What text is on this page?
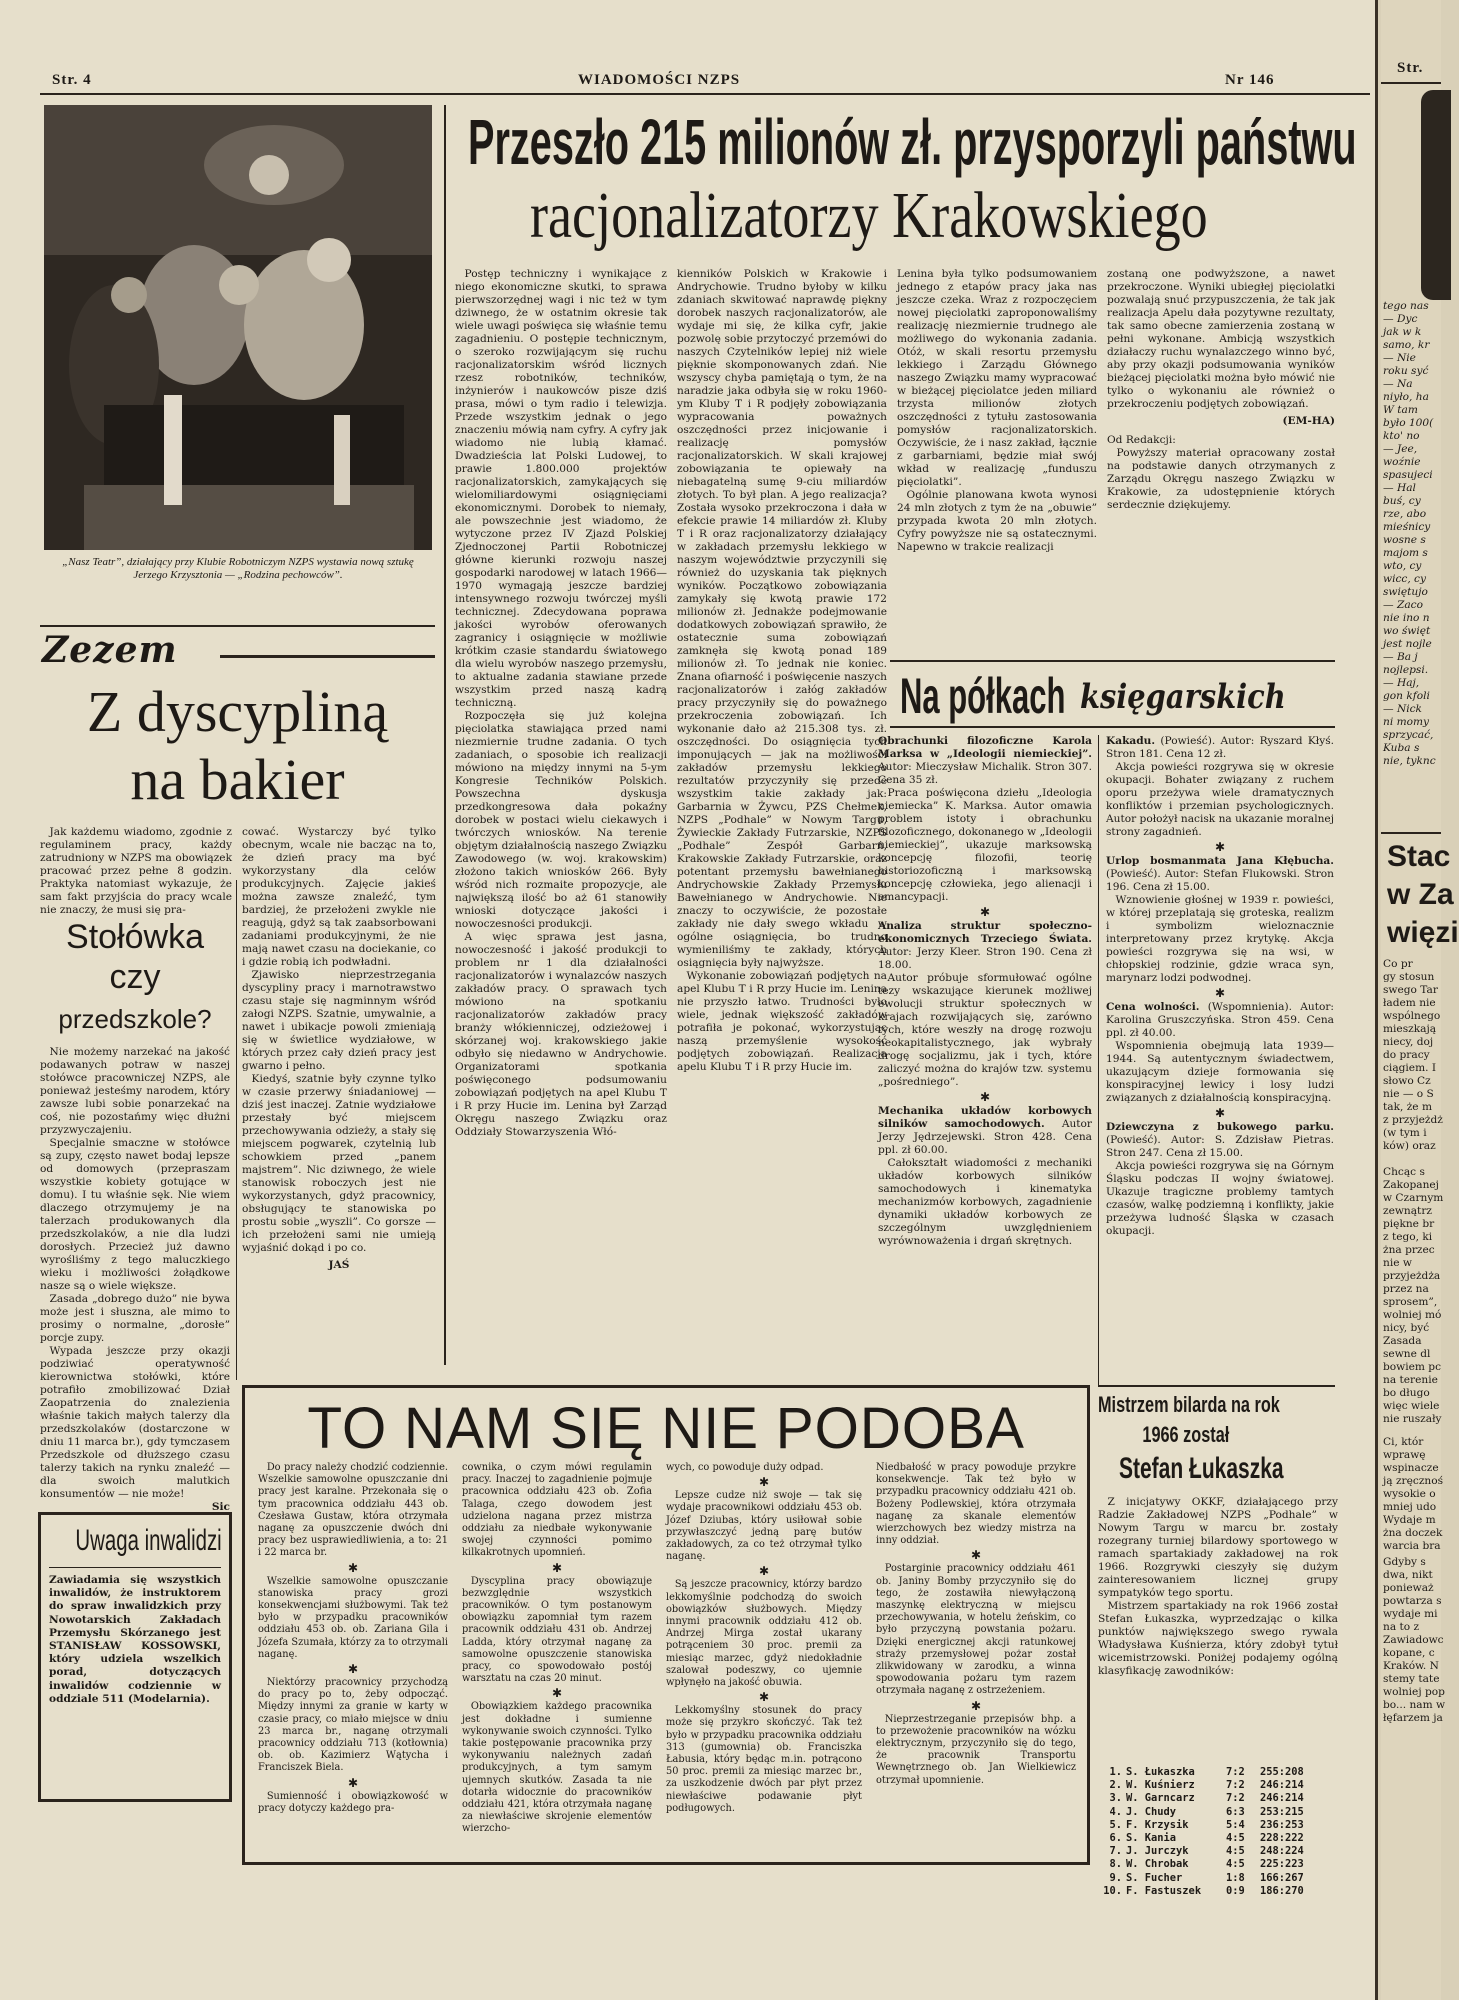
Str. 4	WIADOMOŚCI NZPS	Nr 146
„Nasz Teatr”, działający przy Klubie Robotniczym NZPS wystawia nową sztukę Jerzego Krzysztonia — „Rodzina pechowców”.
Przeszło 215 milionów zł. przysporzyli państwu
racjonalizatorzy Krakowskiego

Postęp techniczny i wynikające z niego ekonomiczne skutki, to sprawa pierwszorzędnej wagi i nic też w tym dziwnego, że w ostatnim okresie tak wiele uwagi poświęca się właśnie temu zagadnieniu. O postępie technicznym, o szeroko rozwijającym się ruchu racjonalizatorskim wśród licznych rzesz robotników, techników, inżynierów i naukowców pisze dziś prasa, mówi o tym radio i telewizja. Przede wszystkim jednak o jego znaczeniu mówią nam cyfry. A cyfry jak wiadomo nie lubią kłamać. Dwadzieścia lat Polski Ludowej, to prawie 1.800.000 projektów racjonalizatorskich, zamykających się wielomiliardowymi osiągnięciami ekonomicznymi. Dorobek to niemały, ale powszechnie jest wiadomo, że wytyczone przez IV Zjazd Polskiej Zjednoczonej Partii Robotniczej główne kierunki rozwoju naszej gospodarki narodowej w latach 1966—1970 wymagają jeszcze bardziej intensywnego rozwoju twórczej myśli technicznej. Zdecydowana poprawa jakości wyrobów oferowanych zagranicy i osiągnięcie w możliwie krótkim czasie standardu światowego dla wielu wyrobów naszego przemysłu, to aktualne zadania stawiane przede wszystkim przed naszą kadrą techniczną.

Rozpoczęła się już kolejna pięciolatka stawiająca przed nami niezmiernie trudne zadania. O tych zadaniach, o sposobie ich realizacji mówiono na między innymi na 5-ym Kongresie Techników Polskich. Powszechna dyskusja przedkongresowa dała pokaźny dorobek w postaci wielu ciekawych i twórczych wniosków. Na terenie objętym działalnością naszego Związku Zawodowego (w. woj. krakowskim) złożono takich wniosków 266. Były wśród nich rozmaite propozycje, ale największą ilość bo aż 61 stanowiły wnioski dotyczące jakości i nowoczesności produkcji.

A więc sprawa jest jasna, nowoczesność i jakość produkcji to problem nr 1 dla działalności racjonalizatorów i wynalazców naszych zakładów pracy. O sprawach tych mówiono na spotkaniu racjonalizatorów zakładów pracy branży włókienniczej, odzieżowej i skórzanej woj. krakowskiego jakie odbyło się niedawno w Andrychowie. Organizatorami spotkania poświęconego podsumowaniu zobowiązań podjętych na apel Klubu T i R przy Hucie im. Lenina był Zarząd Okręgu naszego Związku oraz Oddziały Stowarzyszenia Włó-

kienników Polskich w Krakowie i Andrychowie. Trudno byłoby w kilku zdaniach skwitować naprawdę piękny dorobek naszych racjonalizatorów, ale wydaje mi się, że kilka cyfr, jakie pozwolę sobie przytoczyć przemówi do naszych Czytelników lepiej niż wiele pięknie skomponowanych zdań. Nie wszyscy chyba pamiętają o tym, że na naradzie jaka odbyła się w roku 1960-ym Kluby T i R podjęły zobowiązania wypracowania poważnych oszczędności przez inicjowanie i realizację pomysłów racjonalizatorskich. W skali krajowej zobowiązania te opiewały na niebagatelną sumę 9-ciu miliardów złotych. To był plan. A jego realizacja? Została wysoko przekroczona i dała w efekcie prawie 14 miliardów zł. Kluby T i R oraz racjonalizatorzy działający w zakładach przemysłu lekkiego w naszym województwie przyczynili się również do uzyskania tak pięknych wyników. Początkowo zobowiązania zamykały się kwotą prawie 172 milionów zł. Jednakże podejmowanie dodatkowych zobowiązań sprawiło, że ostatecznie suma zobowiązań zamknęła się kwotą ponad 189 milionów zł. To jednak nie koniec. Znana ofiarność i poświęcenie naszych racjonalizatorów i załóg zakładów pracy przyczyniły się do poważnego przekroczenia zobowiązań. Ich wykonanie dało aż 215.308 tys. zł. oszczędności. Do osiągnięcia tych imponujących — jak na możliwości zakładów przemysłu lekkiego rezultatów przyczyniły się przede wszystkim takie zakłady jak: Garbarnia w Żywcu, PZS Chełmek, NZPS „Podhale” w Nowym Targu, Żywieckie Zakłady Futrzarskie, NZPS „Podhale” Zespół Garbarń, Krakowskie Zakłady Futrzarskie, oraz potentant przemysłu bawełnianego Andrychowskie Zakłady Przemysłu Bawełnianego w Andrychowie. Nie znaczy to oczywiście, że pozostałe zakłady nie dały swego wkładu w ogólne osiągnięcia, bo trudno wymieniliśmy te zakłady, których osiągnięcia były najwyższe.

Wykonanie zobowiązań podjętych na apel Klubu T i R przy Hucie im. Lenina nie przyszło łatwo. Trudności było wiele, jednak większość zakładów potrafiła je pokonać, wykorzystując naszą przemyślenie wysokość podjętych zobowiązań. Realizacja apelu Klubu T i R przy Hucie im.

Lenina była tylko podsumowaniem jednego z etapów pracy jaka nas jeszcze czeka. Wraz z rozpoczęciem nowej pięciolatki zaproponowaliśmy realizację niezmiernie trudnego ale możliwego do wykonania zadania. Otóż, w skali resortu przemysłu lekkiego i Zarządu Głównego naszego Związku mamy wypracować w bieżącej pięciolatce jeden miliard trzysta milionów złotych oszczędności z tytułu zastosowania pomysłów racjonalizatorskich. Oczywiście, że i nasz zakład, łącznie z garbarniami, będzie miał swój wkład w realizację „funduszu pięciolatki”.

Ogólnie planowana kwota wynosi 24 mln złotych z tym że na „obuwie” przypada kwota 20 mln złotych. Cyfry powyższe nie są ostatecznymi. Napewno w trakcie realizacji

zostaną one podwyższone, a nawet przekroczone. Wyniki ubiegłej pięciolatki pozwalają snuć przypuszczenia, że tak jak realizacja Apelu dała pozytywne rezultaty, tak samo obecne zamierzenia zostaną w pełni wykonane. Ambicją wszystkich działaczy ruchu wynalazczego winno być, aby przy okazji podsumowania wyników bieżącej pięciolatki można było mówić nie tylko o wykonaniu ale również o przekroczeniu podjętych zobowiązań.

(EM-HA)

Od Redakcji:

Powyższy materiał opracowany został na podstawie danych otrzymanych z Zarządu Okręgu naszego Związku w Krakowie, za udostępnienie których serdecznie dziękujemy.

Na półkach księgarskich

Obrachunki filozoficzne Karola Marksa w „Ideologii niemieckiej”. Autor: Mieczysław Michalik. Stron 307. Cena 35 zł.

Praca poświęcona dziełu „Ideologia niemiecka” K. Marksa. Autor omawia problem istoty i obrachunku filozoficznego, dokonanego w „Ideologii niemieckiej”, ukazuje marksowską koncepcję filozofii, teorię historiozoficzną i marksowską koncepcję człowieka, jego alienacji i emancypacji.

✱

Analiza struktur społeczno-ekonomicznych Trzeciego Świata. Autor: Jerzy Kleer. Stron 190. Cena zł 18.00.

Autor próbuje sformułować ogólne tezy wskazujące kierunek możliwej ewolucji struktur społecznych w krajach rozwijających się, zarówno tych, które weszły na drogę rozwoju neokapitalistycznego, jak wybrały drogę socjalizmu, jak i tych, które zaliczyć można do krajów tzw. systemu „pośredniego”.

✱

Mechanika układów korbowych silników samochodowych. Autor Jerzy Jędrzejewski. Stron 428. Cena ppl. zł 60.00.

Całokształt wiadomości z mechaniki układów korbowych silników samochodowych i kinematyka mechanizmów korbowych, zagadnienie dynamiki układów korbowych ze szczególnym uwzględnieniem wyrównoważenia i drgań skrętnych.

Kakadu. (Powieść). Autor: Ryszard Kłyś. Stron 181. Cena 12 zł.

Akcja powieści rozgrywa się w okresie okupacji. Bohater związany z ruchem oporu przeżywa wiele dramatycznych konfliktów i przemian psychologicznych. Autor położył nacisk na ukazanie moralnej strony zagadnień.

✱

Urlop bosmanmata Jana Kłębucha. (Powieść). Autor: Stefan Flukowski. Stron 196. Cena zł 15.00.

Wznowienie głośnej w 1939 r. powieści, w której przeplatają się groteska, realizm i symbolizm wieloznacznie interpretowany przez krytykę. Akcja powieści rozgrywa się na wsi, w chłopskiej rodzinie, gdzie wraca syn, marynarz lodzi podwodnej.

✱

Cena wolności. (Wspomnienia). Autor: Karolina Gruszczyńska. Stron 459. Cena ppl. zł 40.00.

Wspomnienia obejmują lata 1939—1944. Są autentycznym świadectwem, ukazującym dzieje formowania się konspiracyjnej lewicy i losy ludzi związanych z działalnością konspiracyjną.

✱

Dziewczyna z bukowego parku. (Powieść). Autor: S. Zdzisław Pietras. Stron 247. Cena zł 15.00.

Akcja powieści rozgrywa się na Górnym Śląsku podczas II wojny światowej. Ukazuje tragiczne problemy tamtych czasów, walkę podziemną i konflikty, jakie przeżywa ludność Śląska w czasach okupacji.

Zezem
Z dyscypliną
na bakier

Jak każdemu wiadomo, zgodnie z regulaminem pracy, każdy zatrudniony w NZPS ma obowiązek pracować przez pełne 8 godzin. Praktyka natomiast wykazuje, że sam fakt przyjścia do pracy wcale nie znaczy, że musi się pra-

cować. Wystarczy być tylko obecnym, wcale nie bacząc na to, że dzień pracy ma być wykorzystany dla celów produkcyjnych. Zajęcie jakieś można zawsze znaleźć, tym bardziej, że przełożeni zwykle nie reagują, gdyż są tak zaabsorbowani zadaniami produkcyjnymi, że nie mają nawet czasu na dociekanie, co i gdzie robią ich podwładni.

Zjawisko nieprzestrzegania dyscypliny pracy i marnotrawstwo czasu staje się nagminnym wśród załogi NZPS. Szatnie, umywalnie, a nawet i ubikacje powoli zmieniają się w świetlice wydziałowe, w których przez cały dzień pracy jest gwarno i pełno.

Kiedyś, szatnie były czynne tylko w czasie przerwy śniadaniowej — dziś jest inaczej. Zatnie wydziałowe przestały być miejscem przechowywania odzieży, a stały się miejscem pogwarek, czytelnią lub schowkiem przed „panem majstrem”. Nic dziwnego, że wiele stanowisk roboczych jest nie wykorzystanych, gdyż pracownicy, obsługujący te stanowiska po prostu sobie „wyszli”. Co gorsze — ich przełożeni sami nie umieją wyjaśnić dokąd i po co.

JAŚ

Stołówka
czy
przedszkole?

Nie możemy narzekać na jakość podawanych potraw w naszej stołówce pracowniczej NZPS, ale ponieważ jesteśmy narodem, który zawsze lubi sobie ponarzekać na coś, nie pozostańmy więc dłużni przyzwyczajeniu.

Specjalnie smaczne w stołówce są zupy, często nawet bodaj lepsze od domowych (przepraszam wszystkie kobiety gotujące w domu). I tu właśnie sęk. Nie wiem dlaczego otrzymujemy je na talerzach produkowanych dla przedszkolaków, a nie dla ludzi dorosłych. Przecież już dawno wyrośliśmy z tego maluczkiego wieku i możliwości żołądkowe nasze są o wiele większe.

Zasada „dobrego dużo” nie bywa może jest i słuszna, ale mimo to prosimy o normalne, „dorosłe” porcje zupy.

Wypada jeszcze przy okazji podziwiać operatywność kierownictwa stołówki, które potrafiło zmobilizować Dział Zaopatrzenia do znalezienia właśnie takich małych talerzy dla przedszkolaków (dostarczone w dniu 11 marca br.), gdy tymczasem Przedszkole od dłuższego czasu talerzy takich na rynku znaleźć — dla swoich malutkich konsumentów — nie może!

Sic

Uwaga inwalidzi
Zawiadamia się wszystkich inwalidów, że instruktorem do spraw inwalidzkich przy Nowotarskich Zakładach Przemysłu Skórzanego jest STANISŁAW KOSSOWSKI, który udziela wszelkich porad, dotyczących inwalidów codziennie w oddziale 511 (Modelarnia).
TO NAM SIĘ NIE PODOBA

Do pracy należy chodzić codziennie. Wszelkie samowolne opuszczanie dni pracy jest karalne. Przekonała się o tym pracownica oddziału 443 ob. Czesława Gustaw, która otrzymała naganę za opuszczenie dwóch dni pracy bez usprawiedliwienia, a to: 21 i 22 marca br.

✱

Wszelkie samowolne opuszczanie stanowiska pracy grozi konsekwencjami służbowymi. Tak też było w przypadku pracowników oddziału 453 ob. ob. Zariana Gila i Józefa Szumała, którzy za to otrzymali naganę.

✱

Niektórzy pracownicy przychodzą do pracy po to, żeby odpocząć. Między innymi za granie w karty w czasie pracy, co miało miejsce w dniu 23 marca br., naganę otrzymali pracownicy oddziału 713 (kotłownia) ob. ob. Kazimierz Wątycha i Franciszek Biela.

✱

Sumienność i obowiązkowość w pracy dotyczy każdego pra-

cownika, o czym mówi regulamin pracy. Inaczej to zagadnienie pojmuje pracownica oddziału 423 ob. Zofia Talaga, czego dowodem jest udzielona nagana przez mistrza oddziału za niedbałe wykonywanie swojej czynności pomimo kilkakrotnych upomnień.

✱

Dyscyplina pracy obowiązuje bezwzględnie wszystkich pracowników. O tym postanowym obowiązku zapomniał tym razem pracownik oddziału 431 ob. Andrzej Ladda, który otrzymał naganę za samowolne opuszczenie stanowiska pracy, co spowodowało postój warsztatu na czas 20 minut.

✱

Obowiązkiem każdego pracownika jest dokładne i sumienne wykonywanie swoich czynności. Tylko takie postępowanie pracownika przy wykonywaniu należnych zadań produkcyjnych, a tym samym ujemnych skutków. Zasada ta nie dotarła widocznie do pracowników oddziału 421, która otrzymała naganę za niewłaściwe skrojenie elementów wierzcho-

wych, co powoduje duży odpad.

✱

Lepsze cudze niż swoje — tak się wydaje pracownikowi oddziału 453 ob. Józef Dziubas, który usiłował sobie przywłaszczyć jedną parę butów zakładowych, za co też otrzymał tylko naganę.

✱

Są jeszcze pracownicy, którzy bardzo lekkomyślnie podchodzą do swoich obowiązków służbowych. Między innymi pracownik oddziału 412 ob. Andrzej Mirga został ukarany potrąceniem 30 proc. premii za miesiąc marzec, gdyż niedokładnie szalował podeszwy, co ujemnie wpłynęło na jakość obuwia.

✱

Lekkomyślny stosunek do pracy może się przykro skończyć. Tak też było w przypadku pracownika oddziału 313 (gumownia) ob. Franciszka Łabusia, który będąc m.in. potrącono 50 proc. premii za miesiąc marzec br., za uszkodzenie dwóch par płyt przez niewłaściwe podawanie płyt podługowych.

Niedbałość w pracy powoduje przykre konsekwencje. Tak też było w przypadku pracownicy oddziału 421 ob. Bożeny Podlewskiej, która otrzymała naganę za skanale elementów wierzchowych bez wiedzy mistrza na inny oddział.

✱

Postarginie pracownicy oddziału 461 ob. Janiny Bomby przyczyniło się do tego, że zostawiła niewyłączoną maszynkę elektryczną w miejscu przechowywania, w hotelu żeńskim, co było przyczyną powstania pożaru. Dzięki energicznej akcji ratunkowej straży przemysłowej pożar został zlikwidowany w zarodku, a winna spowodowania pożaru tym razem otrzymała naganę z ostrzeżeniem.

✱

Nieprzestrzeganie przepisów bhp. a to przewożenie pracowników na wózku elektrycznym, przyczyniło się do tego, że pracownik Transportu Wewnętrznego ob. Jan Wielkiewicz otrzymał upomnienie.

Mistrzem bilarda na rok
1966 został
Stefan Łukaszka

Z inicjatywy OKKF, działającego przy Radzie Zakładowej NZPS „Podhale” w Nowym Targu w marcu br. zostały rozegrany turniej bilardowy sportowego w ramach spartakiady zakładowej na rok 1966. Rozgrywki cieszyły się dużym zainteresowaniem licznej grupy sympatyków tego sportu.

Mistrzem spartakiady na rok 1966 został Stefan Łukaszka, wyprzedzając o kilka punktów największego swego rywala Władysława Kuśnierza, który zdobył tytuł wicemistrzowski. Poniżej podajemy ogólną klasyfikację zawodników:

1. S. Łukaszka	7:2 255:208
2. W. Kuśnierz	7:2 246:214
3. W. Garncarz	7:2 246:214
4. J. Chudy	6:3 253:215
5. F. Krzysik	5:4 236:253
6. S. Kania	4:5 228:222
7. J. Jurczyk	4:5 248:224
8. W. Chrobak	4:5 225:223
9. S. Fucher	1:8 166:267
10. F. Fastuszek 0:9 186:270
Str.
tego nas
— Dyc
jak w k
samo, kr
— Nie
roku syć
— Na
niyło, ha
W tam
było 100(
kto' no
— Jee,
woźnie
spasujeci
— Hal
buś, cy
rze, abo
mieśnicy
wosne s
majom s
wto, cy
wicc, cy
swiętujo
— Zaco
nie ino n
wo święt
jest nojle
— Ba j
nojlepsi.
— Haj,
gon kfoli
— Nick
ni momy
sprzycać,
Kuba s
nie, tyknc
Stac
w Za
więzi
Co pr
gy stosun
swego Tar
ładem nie
wspólnego
mieszkają
niecy, doj
do pracy
ciągiem. I
słowo Cz
nie — o S
tak, że m
z przyjeżdż
(w tym i
ków) oraz
Chcąc s
Zakopanej
w Czarnym
zewnątrz
piękne br
z tego, ki
żna przec
nie w
przyjeżdża
przez na
sprosem”,
wolniej mó
nicy, być
Zasada
sewne dl
bowiem pc
na terenie
bo długo
więc wiele
nie ruszały
Ci, któr
wprawę
wspinacze
ją zręcznoś
wysokie o
mniej udo
Wydaje m
żna doczek
warcia bra
Gdyby s
dwa, nikt
ponieważ
powtarza s
wydaje mi
na to z
Zawiadowc
kopane, c
Kraków. N
stemy tate
wolniej pop
bo... nam w
łęfarzem ja
